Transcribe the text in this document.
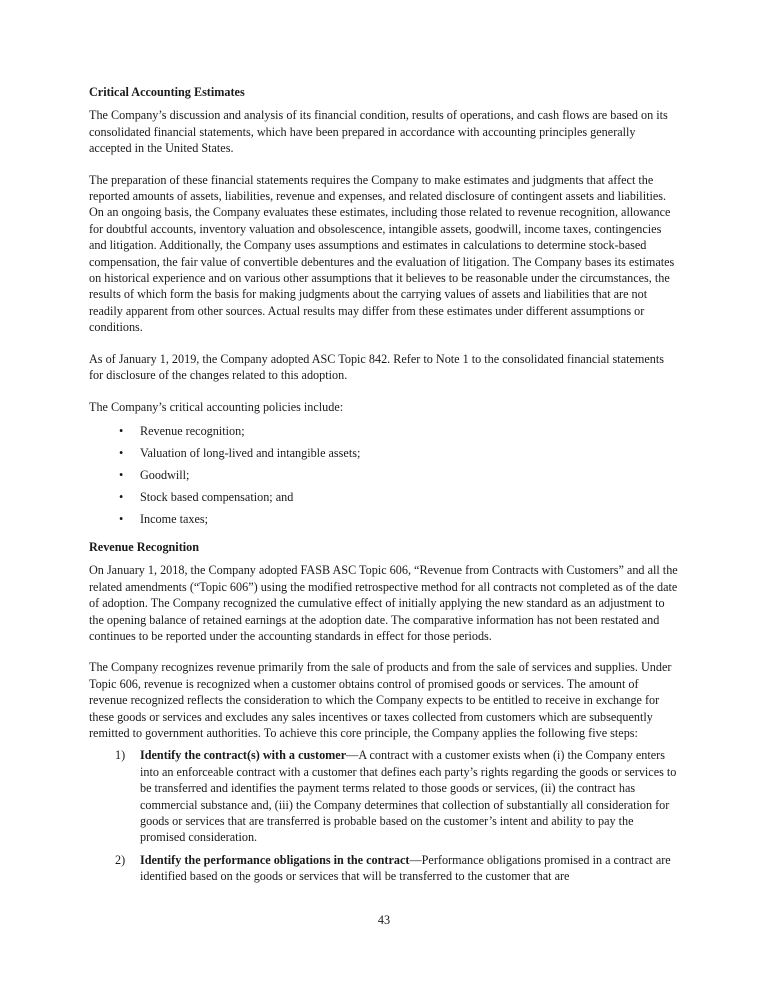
Critical Accounting Estimates

The Company’s discussion and analysis of its financial condition, results of operations, and cash flows are based on its consolidated financial statements, which have been prepared in accordance with accounting principles generally accepted in the United States.

The preparation of these financial statements requires the Company to make estimates and judgments that affect the reported amounts of assets, liabilities, revenue and expenses, and related disclosure of contingent assets and liabilities. On an ongoing basis, the Company evaluates these estimates, including those related to revenue recognition, allowance for doubtful accounts, inventory valuation and obsolescence, intangible assets, goodwill, income taxes, contingencies and litigation. Additionally, the Company uses assumptions and estimates in calculations to determine stock-based compensation, the fair value of convertible debentures and the evaluation of litigation. The Company bases its estimates on historical experience and on various other assumptions that it believes to be reasonable under the circumstances, the results of which form the basis for making judgments about the carrying values of assets and liabilities that are not readily apparent from other sources. Actual results may differ from these estimates under different assumptions or conditions.

As of January 1, 2019, the Company adopted ASC Topic 842. Refer to Note 1 to the consolidated financial statements for disclosure of the changes related to this adoption.

The Company’s critical accounting policies include:

• Revenue recognition;
• Valuation of long-lived and intangible assets;
• Goodwill;
• Stock based compensation; and
• Income taxes;
Revenue Recognition

On January 1, 2018, the Company adopted FASB ASC Topic 606, “Revenue from Contracts with Customers” and all the related amendments (“Topic 606”) using the modified retrospective method for all contracts not completed as of the date of adoption. The Company recognized the cumulative effect of initially applying the new standard as an adjustment to the opening balance of retained earnings at the adoption date. The comparative information has not been restated and continues to be reported under the accounting standards in effect for those periods.

The Company recognizes revenue primarily from the sale of products and from the sale of services and supplies. Under Topic 606, revenue is recognized when a customer obtains control of promised goods or services. The amount of revenue recognized reflects the consideration to which the Company expects to be entitled to receive in exchange for these goods or services and excludes any sales incentives or taxes collected from customers which are subsequently remitted to government authorities. To achieve this core principle, the Company applies the following five steps:

1) Identify the contract(s) with a customer—A contract with a customer exists when (i) the Company enters into an enforceable contract with a customer that defines each party’s rights regarding the goods or services to be transferred and identifies the payment terms related to those goods or services, (ii) the contract has commercial substance and, (iii) the Company determines that collection of substantially all consideration for goods or services that are transferred is probable based on the customer’s intent and ability to pay the promised consideration.
2) Identify the performance obligations in the contract—Performance obligations promised in a contract are identified based on the goods or services that will be transferred to the customer that are
43
